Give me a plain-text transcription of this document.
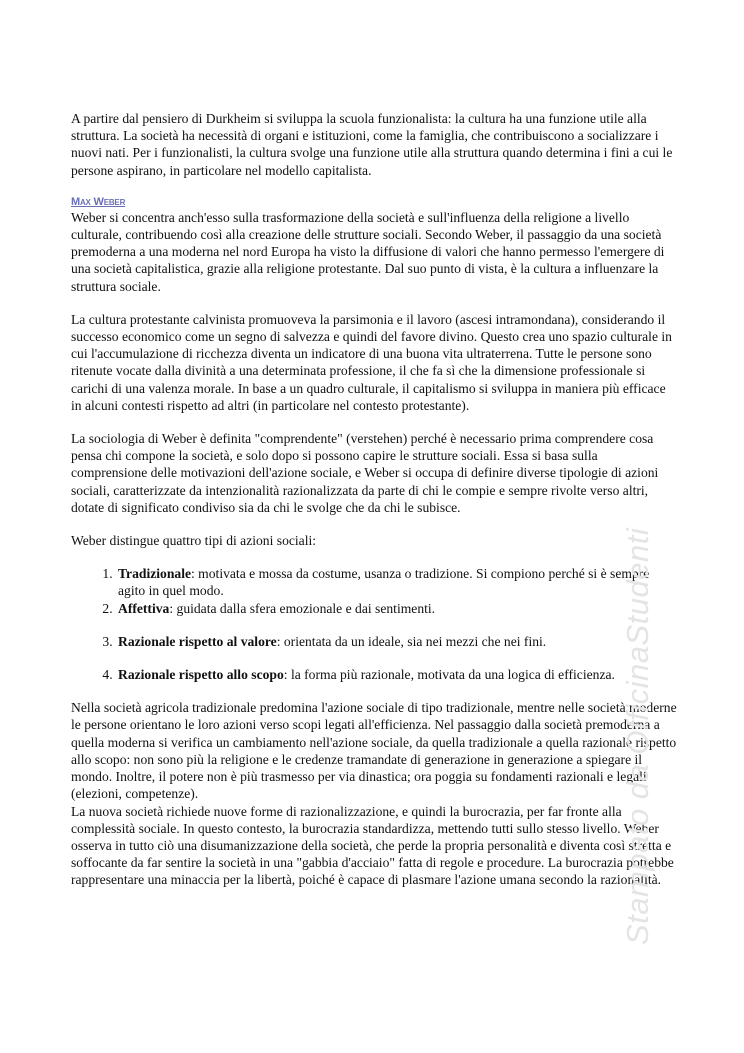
A partire dal pensiero di Durkheim si sviluppa la scuola funzionalista: la cultura ha una funzione utile alla struttura. La società ha necessità di organi e istituzioni, come la famiglia, che contribuiscono a socializzare i nuovi nati. Per i funzionalisti, la cultura svolge una funzione utile alla struttura quando determina i fini a cui le persone aspirano, in particolare nel modello capitalista.

Max Weber

Weber si concentra anch'esso sulla trasformazione della società e sull'influenza della religione a livello culturale, contribuendo così alla creazione delle strutture sociali. Secondo Weber, il passaggio da una società premoderna a una moderna nel nord Europa ha visto la diffusione di valori che hanno permesso l'emergere di una società capitalistica, grazie alla religione protestante. Dal suo punto di vista, è la cultura a influenzare la struttura sociale.

La cultura protestante calvinista promuoveva la parsimonia e il lavoro (ascesi intramondana), considerando il successo economico come un segno di salvezza e quindi del favore divino. Questo crea uno spazio culturale in cui l'accumulazione di ricchezza diventa un indicatore di una buona vita ultraterrena. Tutte le persone sono ritenute vocate dalla divinità a una determinata professione, il che fa sì che la dimensione professionale si carichi di una valenza morale. In base a un quadro culturale, il capitalismo si sviluppa in maniera più efficace in alcuni contesti rispetto ad altri (in particolare nel contesto protestante).

La sociologia di Weber è definita "comprendente" (verstehen) perché è necessario prima comprendere cosa pensa chi compone la società, e solo dopo si possono capire le strutture sociali. Essa si basa sulla comprensione delle motivazioni dell'azione sociale, e Weber si occupa di definire diverse tipologie di azioni sociali, caratterizzate da intenzionalità razionalizzata da parte di chi le compie e sempre rivolte verso altri, dotate di significato condiviso sia da chi le svolge che da chi le subisce.

Weber distingue quattro tipi di azioni sociali:

1. Tradizionale: motivata e mossa da costume, usanza o tradizione. Si compiono perché si è sempre agito in quel modo.
2. Affettiva: guidata dalla sfera emozionale e dai sentimenti.
3. Razionale rispetto al valore: orientata da un ideale, sia nei mezzi che nei fini.
4. Razionale rispetto allo scopo: la forma più razionale, motivata da una logica di efficienza.

Nella società agricola tradizionale predomina l'azione sociale di tipo tradizionale, mentre nelle società moderne le persone orientano le loro azioni verso scopi legati all'efficienza. Nel passaggio dalla società premoderna a quella moderna si verifica un cambiamento nell'azione sociale, da quella tradizionale a quella razionale rispetto allo scopo: non sono più la religione e le credenze tramandate di generazione in generazione a spiegare il mondo. Inoltre, il potere non è più trasmesso per via dinastica; ora poggia su fondamenti razionali e legali (elezioni, competenze).

La nuova società richiede nuove forme di razionalizzazione, e quindi la burocrazia, per far fronte alla complessità sociale. In questo contesto, la burocrazia standardizza, mettendo tutti sullo stesso livello. Weber osserva in tutto ciò una disumanizzazione della società, che perde la propria personalità e diventa così stretta e soffocante da far sentire la società in una "gabbia d'acciaio" fatta di regole e procedure. La burocrazia potrebbe rappresentare una minaccia per la libertà, poiché è capace di plasmare l'azione umana secondo la razionalità.

Stampato da OfficinaStudenti
